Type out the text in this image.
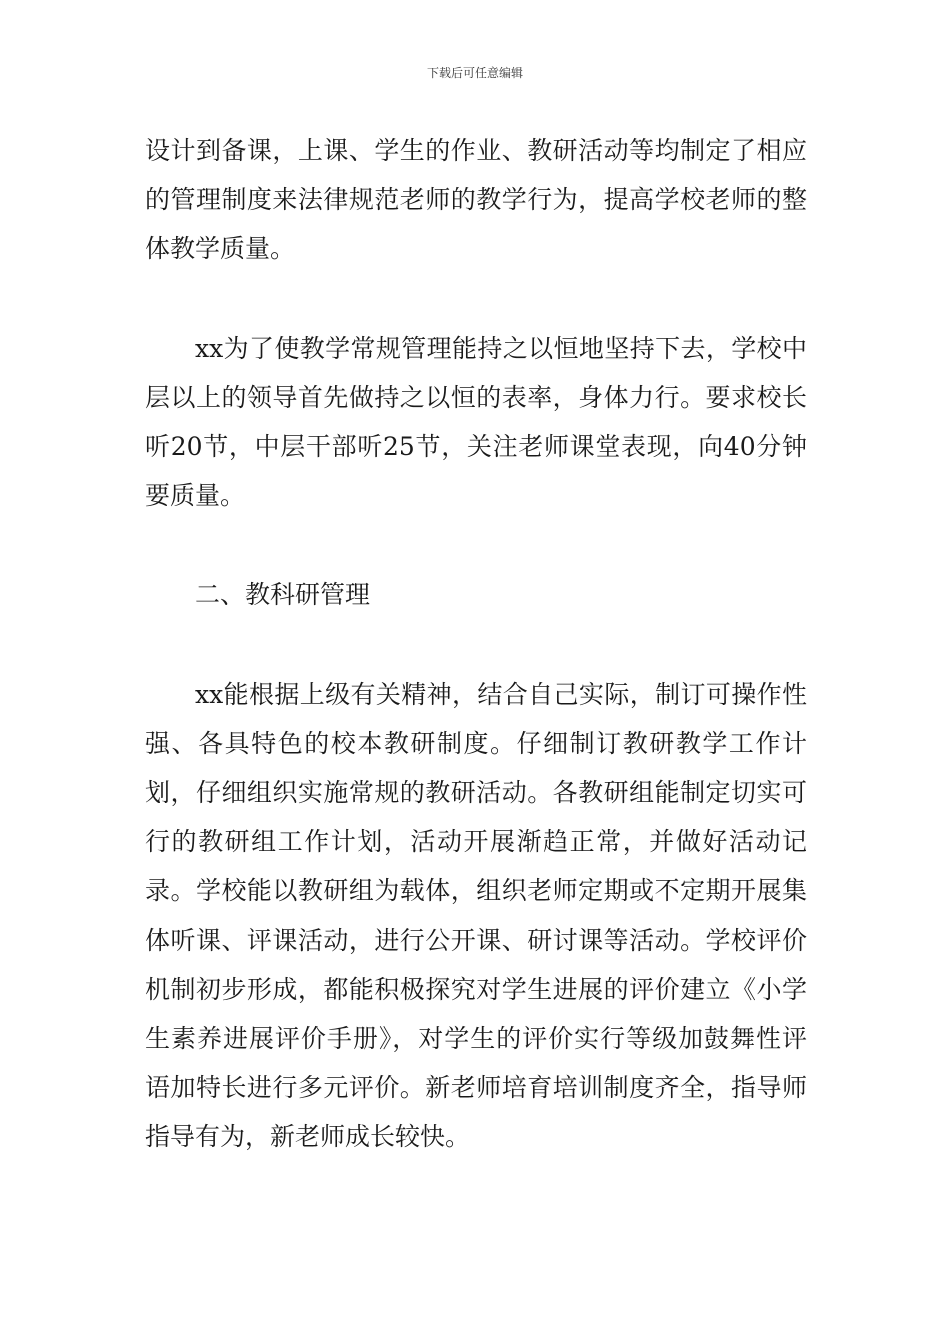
下载后可任意编辑

设计到备课，上课、学生的作业、教研活动等均制定了相应的管理制度来法律规范老师的教学行为，提高学校老师的整体教学质量。

xx为了使教学常规管理能持之以恒地坚持下去，学校中层以上的领导首先做持之以恒的表率，身体力行。要求校长听20节，中层干部听25节，关注老师课堂表现，向40分钟要质量。

二、教科研管理

xx能根据上级有关精神，结合自己实际，制订可操作性强、各具特色的校本教研制度。仔细制订教研教学工作计划，仔细组织实施常规的教研活动。各教研组能制定切实可行的教研组工作计划，活动开展渐趋正常，并做好活动记录。学校能以教研组为载体，组织老师定期或不定期开展集体听课、评课活动，进行公开课、研讨课等活动。学校评价机制初步形成，都能积极探究对学生进展的评价建立《小学生素养进展评价手册》，对学生的评价实行等级加鼓舞性评语加特长进行多元评价。新老师培育培训制度齐全，指导师指导有为，新老师成长较快。
